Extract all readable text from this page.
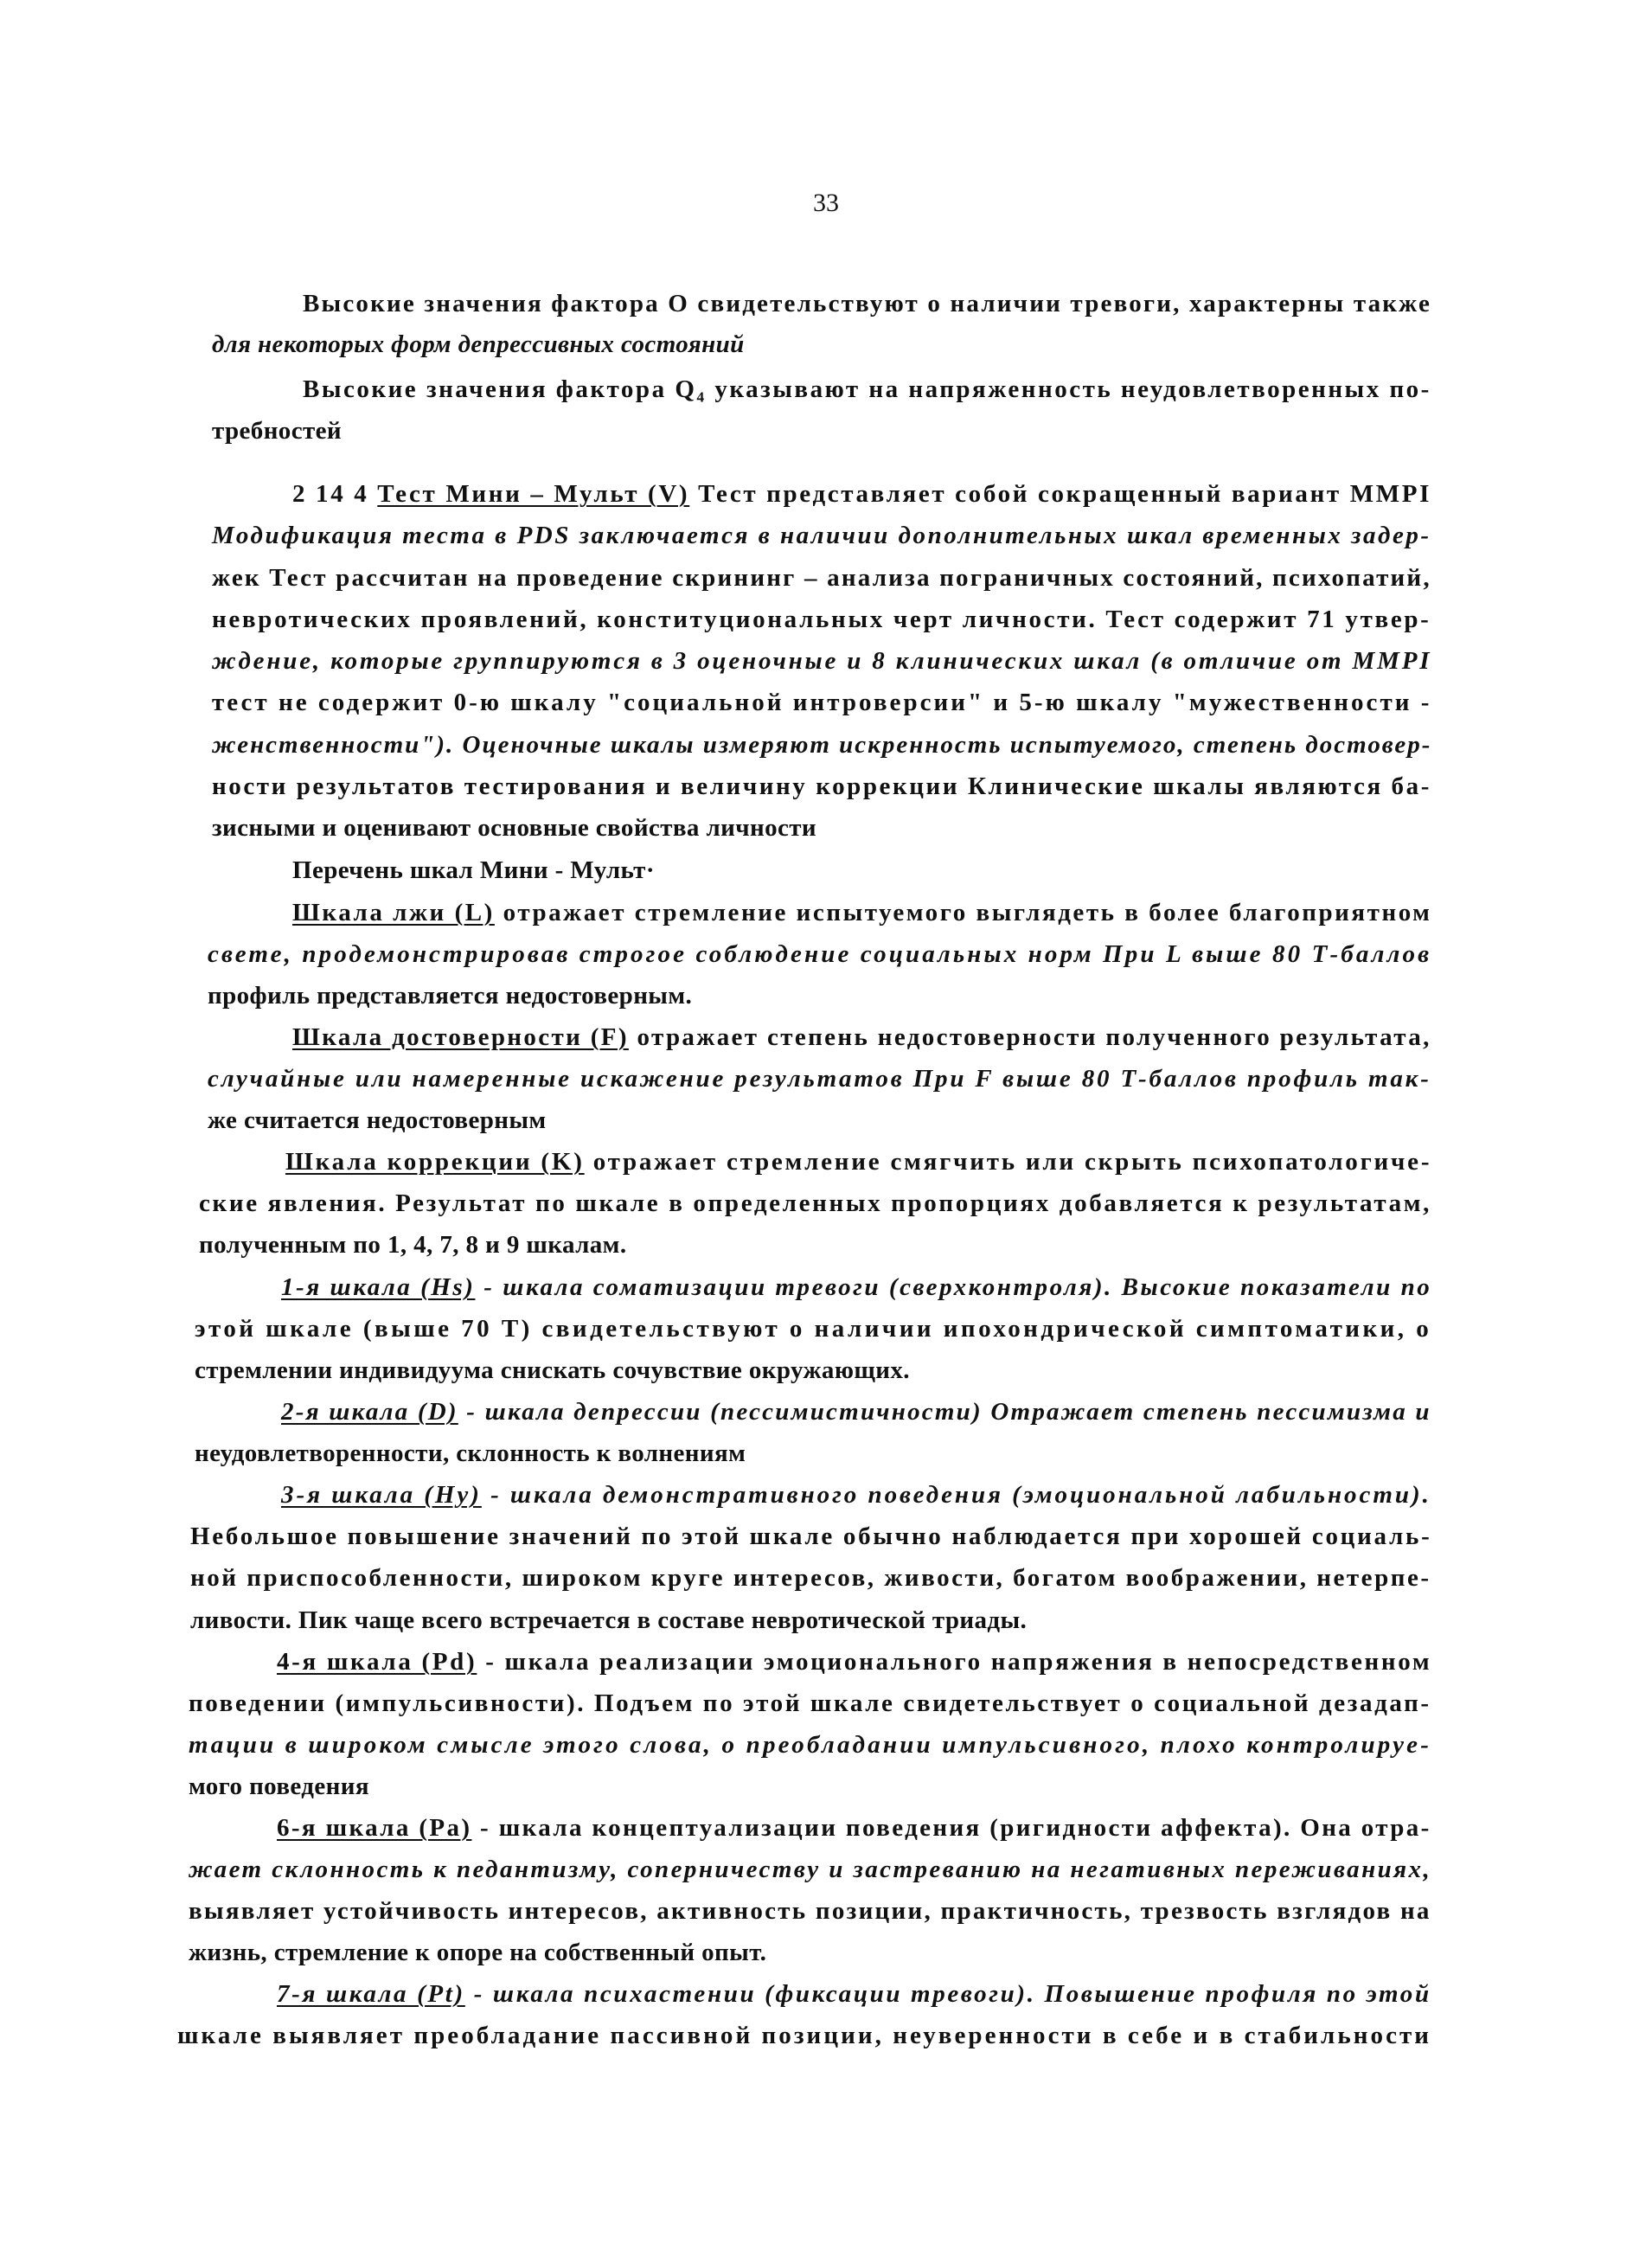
33
Высокие значения фактора О свидетельствуют о наличии тревоги, характерны также
для некоторых форм депрессивных состояний
Высокие значения фактора Q₄ указывают на напряженность неудовлетворенных по-
требностей
2 14 4 Тест Мини – Мульт (V) Тест представляет собой сокращенный вариант MMPI
Модификация теста в PDS заключается в наличии дополнительных шкал временных задер-
жек Тест рассчитан на проведение скрининг – анализа пограничных состояний, психопатий,
невротических проявлений, конституциональных черт личности. Тест содержит 71 утвер-
ждение, которые группируются в 3 оценочные и 8 клинических шкал (в отличие от MMPI
тест не содержит 0-ю шкалу "социальной интроверсии" и 5-ю шкалу "мужественности -
женственности"). Оценочные шкалы измеряют искренность испытуемого, степень достовер-
ности результатов тестирования и величину коррекции Клинические шкалы являются ба-
зисными и оценивают основные свойства личности
Перечень шкал Мини - Мульт·
Шкала лжи (L) отражает стремление испытуемого выглядеть в более благоприятном
свете, продемонстрировав строгое соблюдение социальных норм При L выше 80 Т-баллов
профиль представляется недостоверным.
Шкала достоверности (F) отражает степень недостоверности полученного результата,
случайные или намеренные искажение результатов При F выше 80 Т-баллов профиль так-
же считается недостоверным
Шкала коррекции (K) отражает стремление смягчить или скрыть психопатологиче-
ские явления. Результат по шкале в определенных пропорциях добавляется к результатам,
полученным по 1, 4, 7, 8 и 9 шкалам.
1-я шкала (Hs) - шкала соматизации тревоги (сверхконтроля). Высокие показатели по
этой шкале (выше 70 Т) свидетельствуют о наличии ипохондрической симптоматики, о
стремлении индивидуума снискать сочувствие окружающих.
2-я шкала (D) - шкала депрессии (пессимистичности) Отражает степень пессимизма и
неудовлетворенности, склонность к волнениям
3-я шкала (Hy) - шкала демонстративного поведения (эмоциональной лабильности).
Небольшое повышение значений по этой шкале обычно наблюдается при хорошей социаль-
ной приспособленности, широком круге интересов, живости, богатом воображении, нетерпе-
ливости. Пик чаще всего встречается в составе невротической триады.
4-я шкала (Pd) - шкала реализации эмоционального напряжения в непосредственном
поведении (импульсивности). Подъем по этой шкале свидетельствует о социальной дезадап-
тации в широком смысле этого слова, о преобладании импульсивного, плохо контролируе-
мого поведения
6-я шкала (Pa) - шкала концептуализации поведения (ригидности аффекта). Она отра-
жает склонность к педантизму, соперничеству и застреванию на негативных переживаниях,
выявляет устойчивость интересов, активность позиции, практичность, трезвость взглядов на
жизнь, стремление к опоре на собственный опыт.
7-я шкала (Pt) - шкала психастении (фиксации тревоги). Повышение профиля по этой
шкале выявляет преобладание пассивной позиции, неуверенности в себе и в стабильности
